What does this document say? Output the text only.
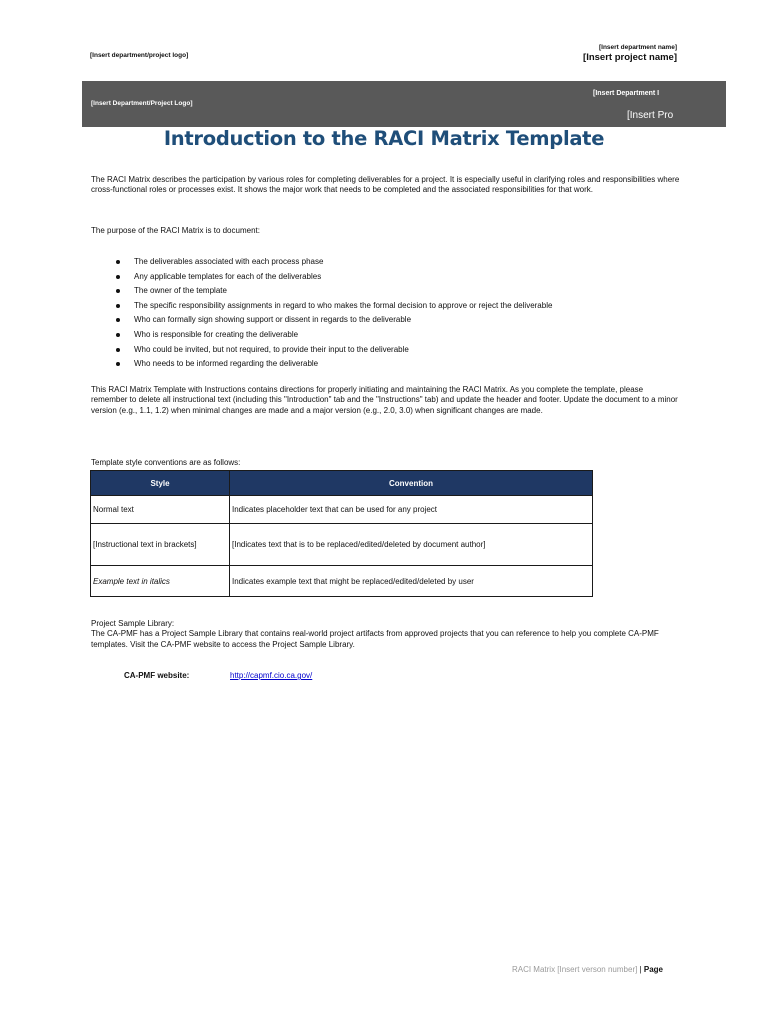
[Insert department/project logo]
[Insert department name]
[Insert project name]
[Insert Department/Project Logo]
[Insert Department I
[Insert Pro
Introduction to the RACI Matrix Template
The RACI Matrix describes the participation by various roles for completing deliverables for a project. It is especially useful in clarifying roles and responsibilities where cross-functional roles or processes exist. It shows the major work that needs to be completed and the associated responsibilities for that work.
The purpose of the RACI Matrix is to document:
The deliverables associated with each process phase
Any applicable templates for each of the deliverables
The owner of the template
The specific responsibility assignments in regard to who makes the formal decision to approve or reject the deliverable
Who can formally sign showing support or dissent in regards to the deliverable
Who is responsible for creating the deliverable
Who could be invited, but not required, to provide their input to the deliverable
Who needs to be informed regarding the deliverable
This RACI Matrix Template with Instructions contains directions for properly initiating and maintaining the RACI Matrix. As you complete the template, please remember to delete all instructional text (including this "Introduction" tab and the "Instructions" tab) and update the header and footer. Update the document to a minor version (e.g., 1.1, 1.2) when minimal changes are made and a major version (e.g., 2.0, 3.0) when significant changes are made.
Template style conventions are as follows:
Style	Convention
Normal text	Indicates placeholder text that can be used for any project
[Instructional text in brackets]	[Indicates text that is to be replaced/edited/deleted by document author]
Example text in italics	Indicates example text that might be replaced/edited/deleted by user
Project Sample Library:
The CA-PMF has a Project Sample Library that contains real-world project artifacts from approved projects that you can reference to help you complete CA-PMF templates. Visit the CA-PMF website to access the Project Sample Library.
CA-PMF website:	http://capmf.cio.ca.gov/
RACI Matrix [Insert verson number] | Page
